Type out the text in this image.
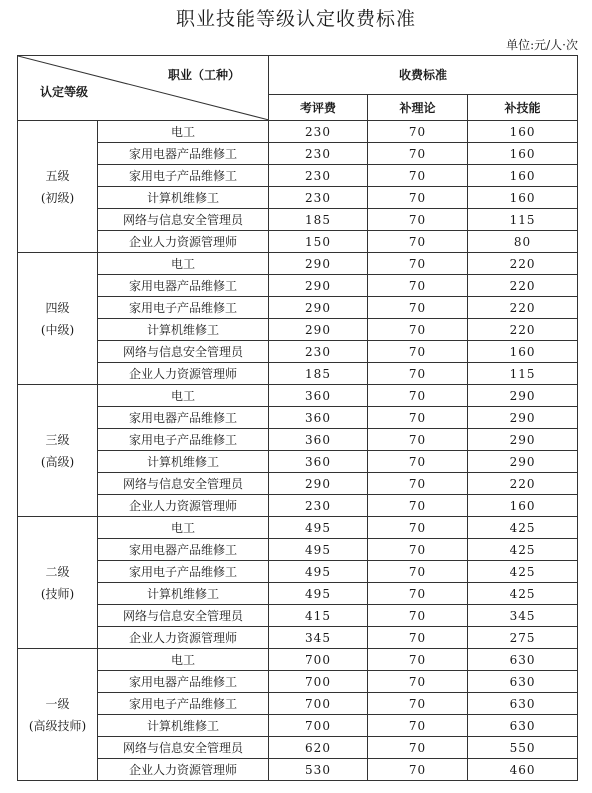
职业技能等级认定收费标准
单位:元/人·次
职业（工种）
认定等级		收费标准		
		考评费	补理论	补技能

五级
(初级)	电工	230	70	160
	家用电器产品维修工	230	70	160
	家用电子产品维修工	230	70	160
	计算机维修工	230	70	160
	网络与信息安全管理员	185	70	115
	企业人力资源管理师	150	70	80

四级
(中级)	电工	290	70	220
	家用电器产品维修工	290	70	220
	家用电子产品维修工	290	70	220
	计算机维修工	290	70	220
	网络与信息安全管理员	230	70	160
	企业人力资源管理师	185	70	115

三级
(高级)	电工	360	70	290
	家用电器产品维修工	360	70	290
	家用电子产品维修工	360	70	290
	计算机维修工	360	70	290
	网络与信息安全管理员	290	70	220
	企业人力资源管理师	230	70	160

二级
(技师)	电工	495	70	425
	家用电器产品维修工	495	70	425
	家用电子产品维修工	495	70	425
	计算机维修工	495	70	425
	网络与信息安全管理员	415	70	345
	企业人力资源管理师	345	70	275

一级
(高级技师)	电工	700	70	630
	家用电器产品维修工	700	70	630
	家用电子产品维修工	700	70	630
	计算机维修工	700	70	630
	网络与信息安全管理员	620	70	550
	企业人力资源管理师	530	70	460
